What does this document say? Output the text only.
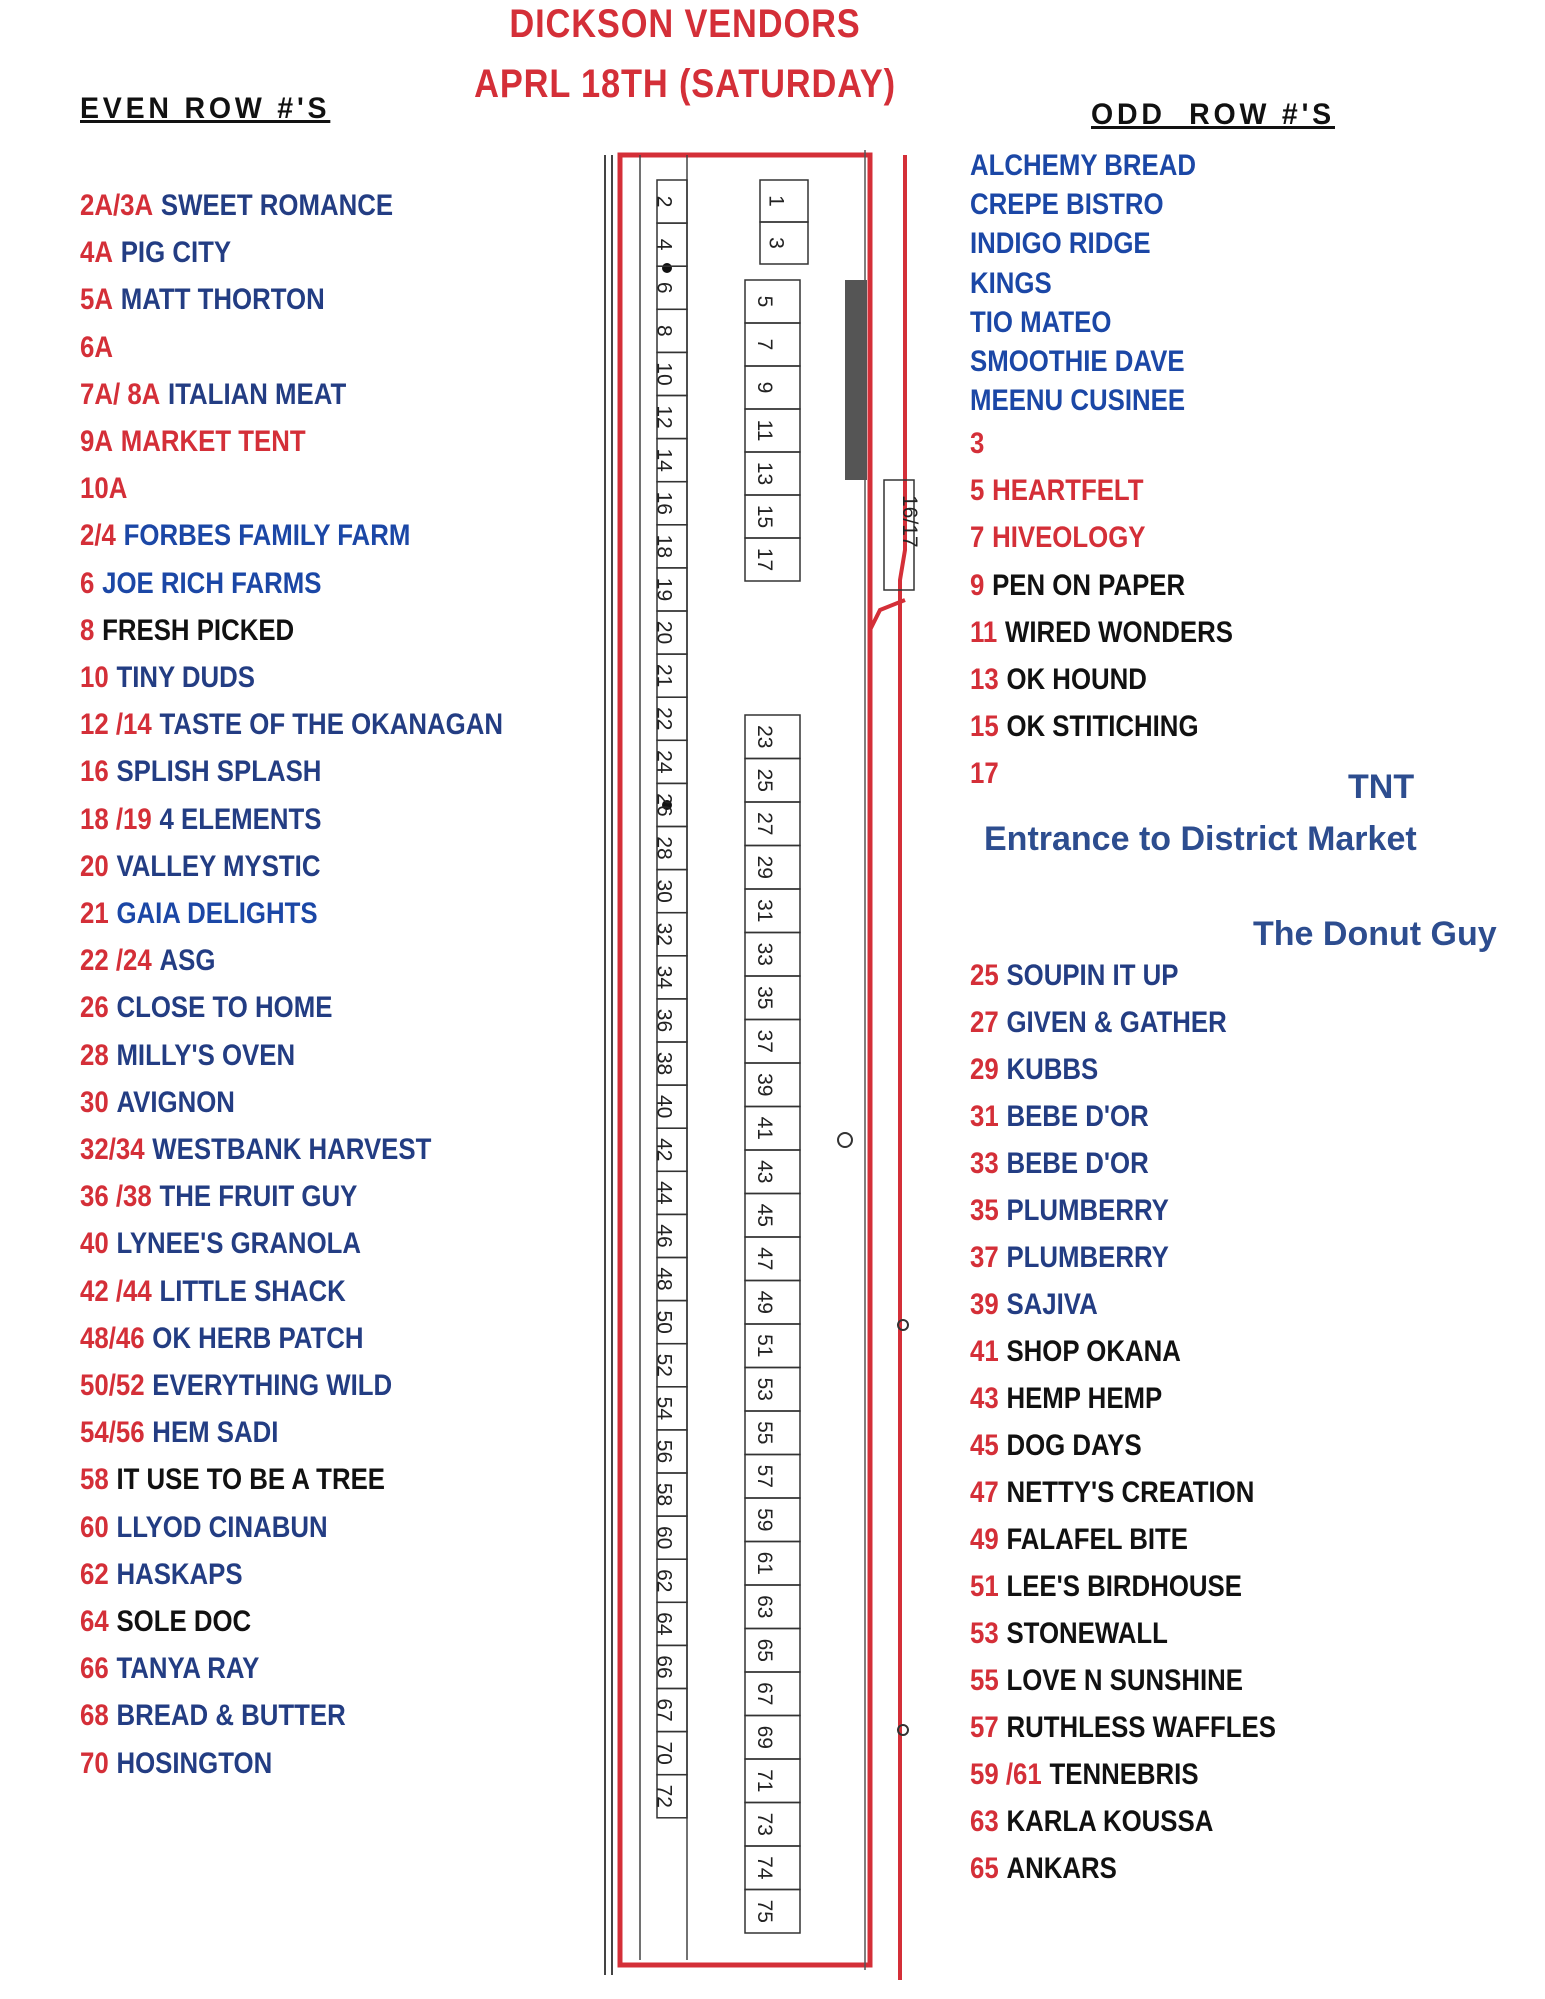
DICKSON VENDORS
APRL 18TH (SATURDAY)
EVEN ROW #'S	ODD  ROW #'S
2A/3A SWEET ROMANCE
4A PIG CITY
5A MATT THORTON
6A
7A/ 8A ITALIAN MEAT
9A MARKET TENT
10A
2/4 FORBES FAMILY FARM
6 JOE RICH FARMS
8 FRESH PICKED
10 TINY DUDS
12 /14 TASTE OF THE OKANAGAN
16 SPLISH SPLASH
18 /19 4 ELEMENTS
20 VALLEY MYSTIC
21 GAIA DELIGHTS
22 /24 ASG
26 CLOSE TO HOME
28 MILLY'S OVEN
30 AVIGNON
32/34 WESTBANK HARVEST
36 /38 THE FRUIT GUY
40 LYNEE'S GRANOLA
42 /44 LITTLE SHACK
48/46 OK HERB PATCH
50/52 EVERYTHING WILD
54/56 HEM SADI
58 IT USE TO BE A TREE
60 LLYOD CINABUN
62 HASKAPS
64 SOLE DOC
66 TANYA RAY
68 BREAD & BUTTER
70 HOSINGTON
ALCHEMY BREAD
CREPE BISTRO
INDIGO RIDGE
KINGS
TIO MATEO
SMOOTHIE DAVE
MEENU CUSINEE
3
5 HEARTFELT
7 HIVEOLOGY
9 PEN ON PAPER
11 WIRED WONDERS
13 OK HOUND
15 OK STITICHING
17
25 SOUPIN IT UP
27 GIVEN & GATHER
29 KUBBS
31 BEBE D'OR
33 BEBE D'OR
35 PLUMBERRY
37 PLUMBERRY
39 SAJIVA
41 SHOP OKANA
43 HEMP HEMP
45 DOG DAYS
47 NETTY'S CREATION
49 FALAFEL BITE
51 LEE'S BIRDHOUSE
53 STONEWALL
55 LOVE N SUNSHINE
57 RUTHLESS WAFFLES
59 /61 TENNEBRIS
63 KARLA KOUSSA
65 ANKARS
TNT
Entrance to District Market
The Donut Guy
2
4
6
8
10
12
14
16
18
19
20
21
22
24
26
28
30
32
34
36
38
40
42
44
46
48
50
52
54
56
58
60
62
64
66
67
70
72
1
3
5
7
9
11
13
15
17
23
25
27
29
31
33
35
37
39
41
43
45
47
49
51
53
55
57
59
61
63
65
67
69
71
73
74
75
16/17
